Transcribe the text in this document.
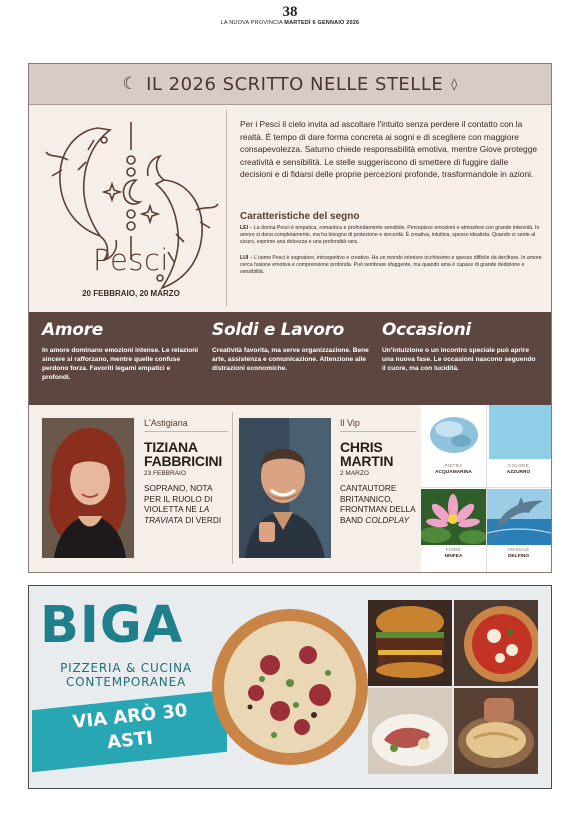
38
LA NUOVA PROVINCIA MARTEDÌ 6 GENNAIO 2026
☾ IL 2026 SCRITTO NELLE STELLE ◊
Pesci
20 FEBBRAIO, 20 MARZO
Per i Pesci il cielo invita ad ascoltare l'intuito senza perdere il contatto con la realtà. È tempo di dare forma concreta ai sogni e di scegliere con maggiore consapevolezza. Saturno chiede responsabilità emotiva, mentre Giove protegge creatività e sensibilità. Le stelle suggeriscono di smettere di fuggire dalle decisioni e di fidarsi delle proprie percezioni profonde, trasformandole in azioni.
Caratteristiche del segno
LEI – La donna Pesci è empatica, romantica e profondamente sensibile. Percepisce emozioni e atmosfere con grande intensità. In amore si dona completamente, ma ha bisogno di protezione e sincerità. È creativa, intuitiva, spesso idealista. Quando si sente al sicuro, esprime una dolcezza e una profondità rara.
LUI – L'uomo Pesci è sognatore, introspettivo e creativo. Ha un mondo interiore ricchissimo e spesso difficile da decifrare. In amore cerca fusione emotiva e comprensione profonda. Può sembrare sfuggente, ma quando ama è capace di grande dedizione e sensibilità.
Amore
In amore dominano emozioni intense. Le relazioni sincere si rafforzano, mentre quelle confuse perdono forza. Favoriti legami empatici e profondi.
Soldi e Lavoro
Creatività favorita, ma serve organizzazione. Bene arte, assistenza e comunicazione. Attenzione alle distrazioni economiche.
Occasioni
Un'intuizione o un incontro speciale può aprire una nuova fase. Le occasioni nascono seguendo il cuore, ma con lucidità.
L'Astigiana
TIZIANA
FABBRICINI
23 FEBBRAIO
SOPRANO, NOTA PER IL RUOLO DI VIOLETTA NE LA TRAVIATA DI VERDI
Il Vip
CHRIS
MARTIN
2 MARZO
CANTAUTORE BRITANNICO, FRONTMAN DELLA BAND COLDPLAY
PIETRA
ACQUAMARINA
COLORE
AZZURRO
FIORE
NINFEA
ANIMALE
DELFINO
BIGA
PIZZERIA & CUCINA
CONTEMPORANEA
VIA ARÒ 30
ASTI
